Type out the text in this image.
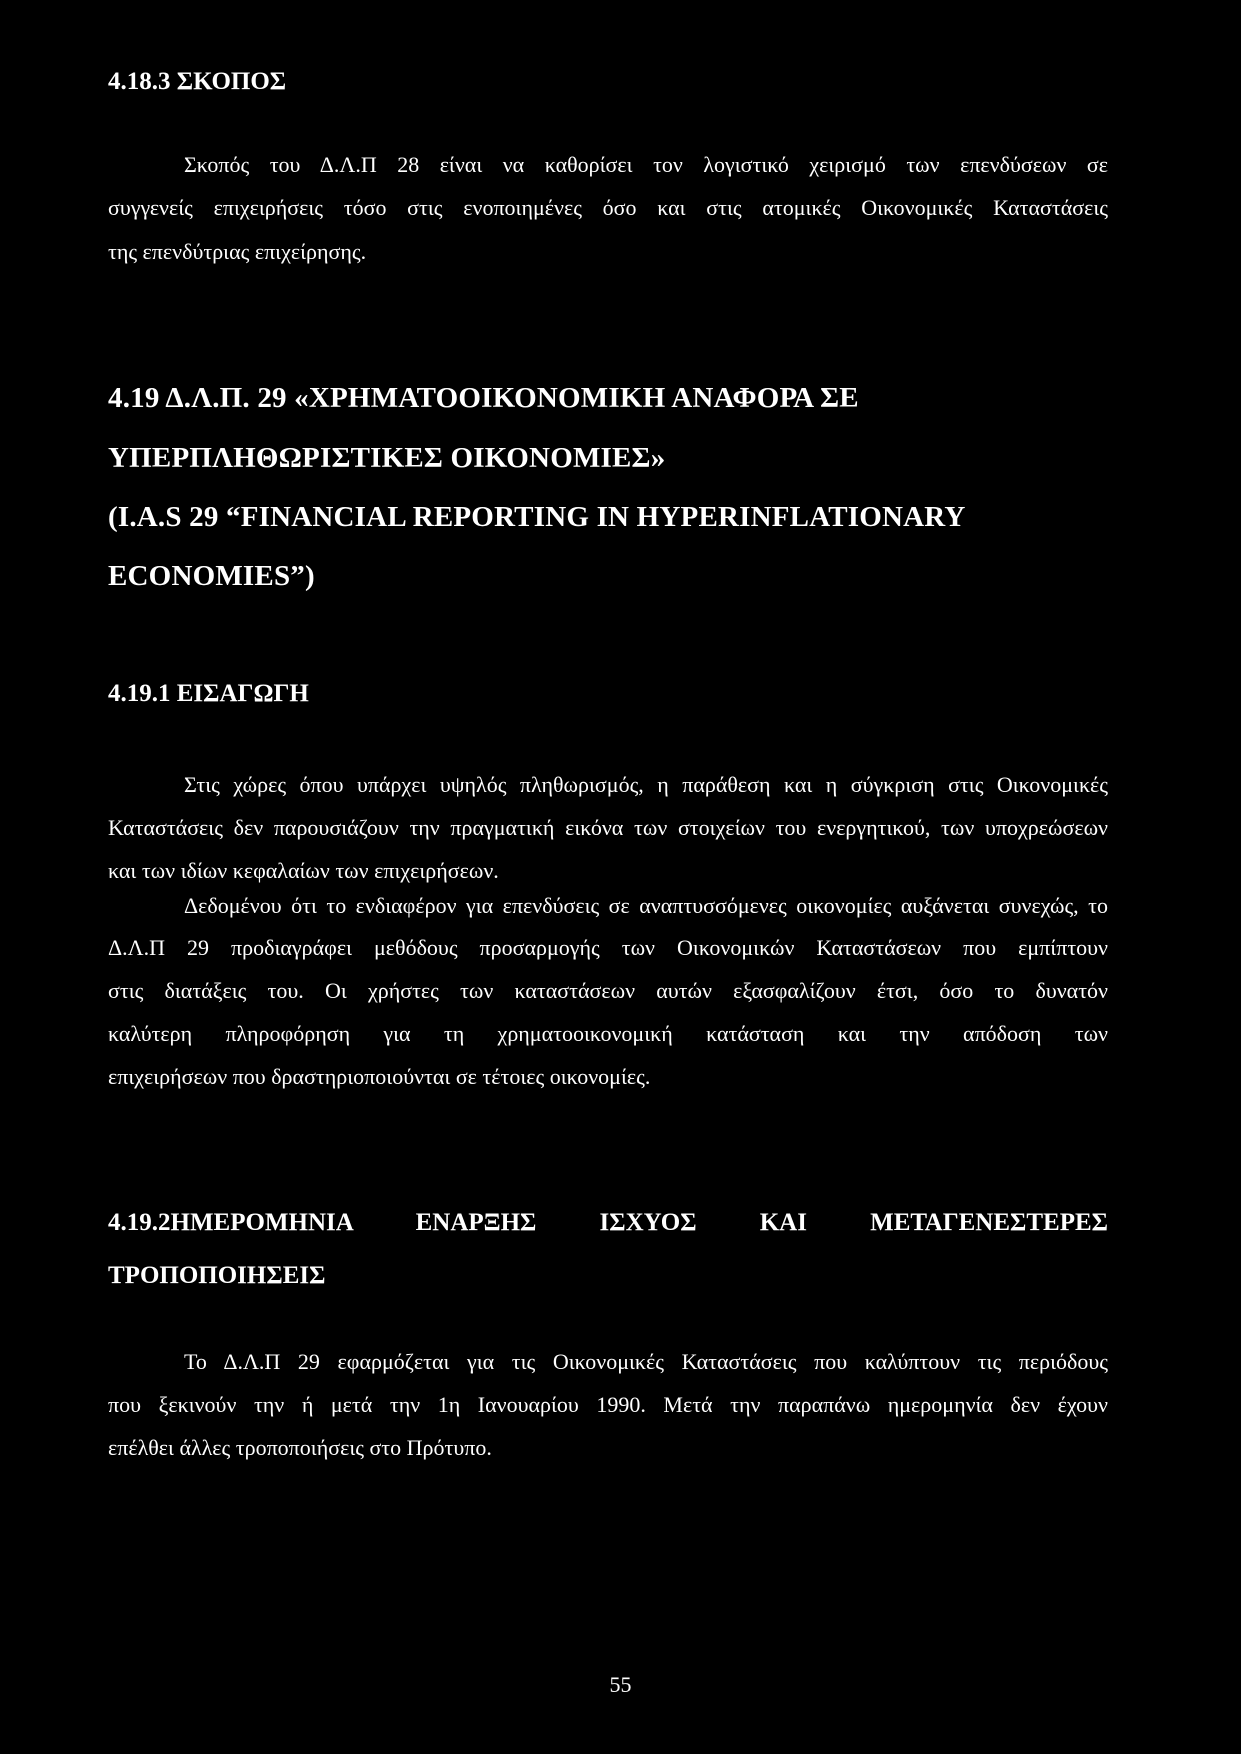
4.18.3 ΣΚΟΠΟΣ

Σκοπός του Δ.Λ.Π 28 είναι να καθορίσει τον λογιστικό χειρισμό των επενδύσεων σε

συγγενείς επιχειρήσεις τόσο στις ενοποιημένες όσο και στις ατομικές Οικονομικές Καταστάσεις

της επενδύτριας επιχείρησης.

4.19 Δ.Λ.Π. 29 «ΧΡΗΜΑΤΟΟΙΚΟΝΟΜΙΚΗ ΑΝΑΦΟΡΑ ΣΕ
ΥΠΕΡΠΛΗΘΩΡΙΣΤΙΚΕΣ ΟΙΚΟΝΟΜΙΕΣ»
(I.A.S 29 “FINANCIAL REPORTING IN HYPERINFLATIONARY
ECONOMIES”)
4.19.1 ΕΙΣΑΓΩΓΗ

Στις χώρες όπου υπάρχει υψηλός πληθωρισμός, η παράθεση και η σύγκριση στις Οικονομικές

Καταστάσεις δεν παρουσιάζουν την πραγματική εικόνα των στοιχείων του ενεργητικού, των υποχρεώσεων

και των ιδίων κεφαλαίων των επιχειρήσεων.

Δεδομένου ότι το ενδιαφέρον για επενδύσεις σε αναπτυσσόμενες οικονομίες αυξάνεται συνεχώς, το

Δ.Λ.Π 29 προδιαγράφει μεθόδους προσαρμογής των Οικονομικών Καταστάσεων που εμπίπτουν

στις διατάξεις του. Οι χρήστες των καταστάσεων αυτών εξασφαλίζουν έτσι, όσο το δυνατόν

καλύτερη πληροφόρηση για τη χρηματοοικονομική κατάσταση και την απόδοση των

επιχειρήσεων που δραστηριοποιούνται σε τέτοιες οικονομίες.

4.19.2ΗΜΕΡΟΜΗΝΙΑ ΕΝΑΡΞΗΣ ΙΣΧΥΟΣ ΚΑΙ ΜΕΤΑΓΕΝΕΣΤΕΡΕΣ
ΤΡΟΠΟΠΟΙΗΣΕΙΣ

Το Δ.Λ.Π 29 εφαρμόζεται για τις Οικονομικές Καταστάσεις που καλύπτουν τις περιόδους

που ξεκινούν την ή μετά την 1η Ιανουαρίου 1990. Μετά την παραπάνω ημερομηνία δεν έχουν

επέλθει άλλες τροποποιήσεις στο Πρότυπο.

55
